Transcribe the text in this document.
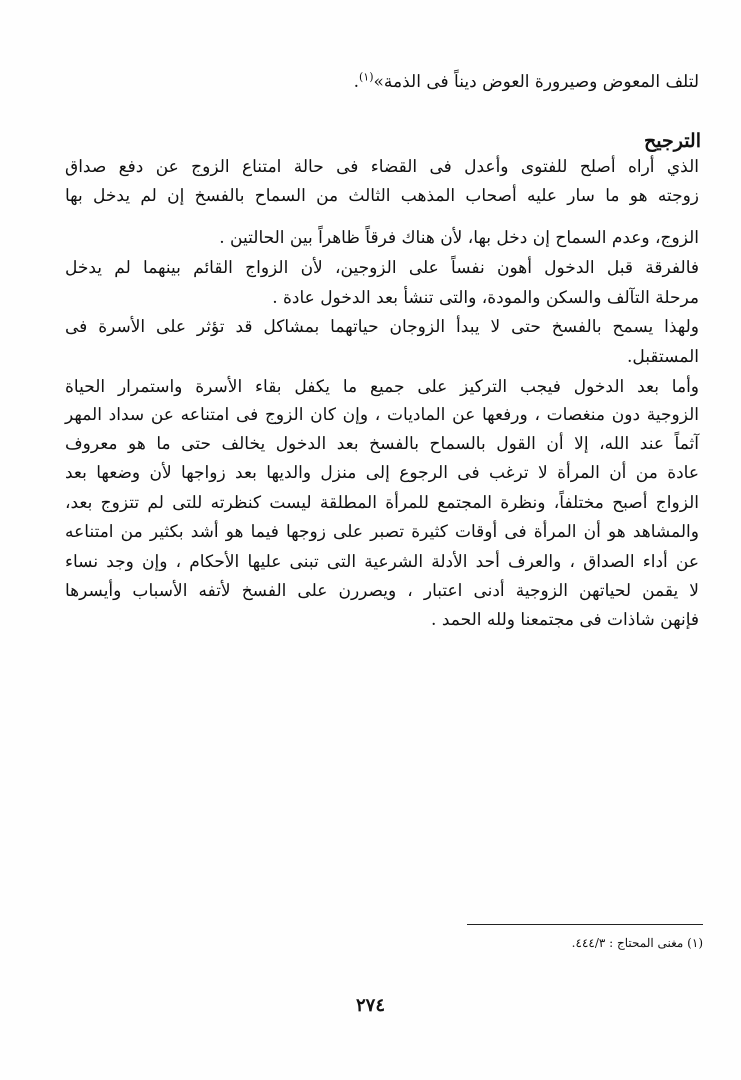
لتلف المعوض وصيرورة العوض ديناً فى الذمة»$^{(١)}$.
الترجيح
الذي أراه أصلح للفتوى وأعدل فى القضاء فى حالة امتناع الزوج عن دفع صداق
زوجته هو ما سار عليه أصحاب المذهب الثالث من السماح بالفسخ إن لم يدخل بها
الزوج، وعدم السماح إن دخل بها، لأن هناك فرقاً ظاهراً بين الحالتين .
فالفرقة قبل الدخول أهون نفساً على الزوجين، لأن الزواج القائم بينهما لم يدخل
مرحلة التآلف والسكن والمودة، والتى تنشأ بعد الدخول عادة .
ولهذا يسمح بالفسخ حتى لا يبدأ الزوجان حياتهما بمشاكل قد تؤثر على الأسرة فى
المستقبل.
وأما بعد الدخول فيجب التركيز على جميع ما يكفل بقاء الأسرة واستمرار الحياة
الزوجية دون منغصات ، ورفعها عن الماديات ، وإن كان الزوج فى امتناعه عن سداد المهر
آثماً عند الله، إلا أن القول بالسماح بالفسخ بعد الدخول يخالف حتى ما هو معروف
عادة من أن المرأة لا ترغب فى الرجوع إلى منزل والديها بعد زواجها لأن وضعها بعد
الزواج أصبح مختلفاً، ونظرة المجتمع للمرأة المطلقة ليست كنظرته للتى لم تتزوج بعد،
والمشاهد هو أن المرأة فى أوقات كثيرة تصبر على زوجها فيما هو أشد بكثير من امتناعه
عن أداء الصداق ، والعرف أحد الأدلة الشرعية التى تبنى عليها الأحكام ، وإن وجد نساء
لا يقمن لحياتهن الزوجية أدنى اعتبار ، ويصررن على الفسخ لأتفه الأسباب وأيسرها
فإنهن شاذات فى مجتمعنا ولله الحمد .
(١) مغنى المحتاج : ٤٤٤/٣.
٢٧٤
